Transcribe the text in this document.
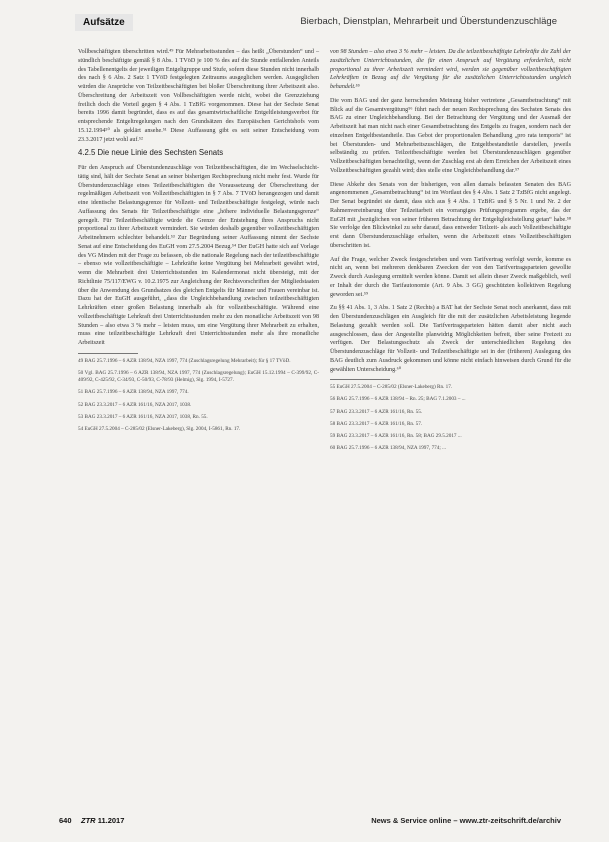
Aufsätze	Bierbach, Dienstplan, Mehrarbeit und Überstundenzuschläge

Vollbeschäftigten überschritten wird.⁴⁹ Für Mehrarbeitsstunden – das heißt „Überstunden“ und – stündlich beschäftigte gemäß § 8 Abs. 1 TVöD je 100 % des auf die Stunde entfallenden Anteils des Tabellenentgelts der jeweiligen Entgeltgruppe und Stufe, sofern diese Stunden nicht innerhalb des nach § 6 Abs. 2 Satz 1 TVöD festgelegten Zeitraums ausgeglichen werden. Ausgeglichen würden die Ansprüche von Teilzeitbeschäftigten bei bloßer Überschreitung ihrer Arbeitszeit also. Überschreitung der Arbeitszeit von Vollbeschäftigten werde nicht, wobei die Grenzziehung freilich doch die Vorteil gegen § 4 Abs. 1 TzBfG vorgenommen. Diese hat der Sechste Senat bereits 1996 damit begründet, dass es auf das gesamtwirtschaftliche Entgeltleistungsverbot für entsprechende Entgeltregelungen nach den Grundsätzen des Europäischen Gerichtshofs vom 15.12.1994⁵⁰ als geklärt ansehe.⁵¹ Diese Auffassung gibt es seit seiner Entscheidung vom 23.3.2017 jetzt wohl auf.⁵²

4.2.5 Die neue Linie des Sechsten Senats

Für den Anspruch auf Überstundenzuschläge von Teilzeitbeschäftigten, die im Wechselschicht- tätig sind, hält der Sechste Senat an seiner bisherigen Rechtsprechung nicht mehr fest. Wurde für Überstundenzuschläge eines Teilzeitbeschäftigten die Voraussetzung der Überschreitung der regelmäßigen Arbeitszeit von Vollzeitbeschäftigten in § 7 Abs. 7 TVöD herangezogen und damit eine identische Belastungsgrenze für Vollzeit- und Teilzeitbeschäftigte festgelegt, würde nach Auffassung des Senats für Teilzeitbeschäftigte eine „höhere individuelle Belastungsgrenze“ geregelt. Für Teilzeitbeschäftigte würde die Grenze der Entstehung ihres Anspruchs nicht proportional zu ihrer Arbeitszeit vermindert. Sie würden deshalb gegenüber vollzeitbeschäftigten Arbeitnehmern schlechter behandelt.⁵³ Zur Begründung seiner Auffassung nimmt der Sechste Senat auf eine Entscheidung des EuGH vom 27.5.2004 Bezug.⁵⁴ Der EuGH hatte sich auf Vorlage des VG Minden mit der Frage zu befassen, ob die nationale Regelung nach der teilzeitbeschäftigte – ebenso wie vollzeitbeschäftigte – Lehrkräfte keine Vergütung bei Mehrarbeit gewährt wird, wenn die Mehrarbeit drei Unterrichtsstunden im Kalendermonat nicht übersteigt, mit der Richtlinie 75/117/EWG v. 10.2.1975 zur Angleichung der Rechtsvorschriften der Mitgliedstaaten über die Anwendung des Grundsatzes des gleichen Entgelts für Männer und Frauen vereinbar ist. Dazu hat der EuGH ausgeführt, „dass die Ungleichbehandlung zwischen teilzeitbeschäftigten Lehrkräften einer großen Belastung innerhalb als für vollzeitbeschäftigte. Während eine vollzeitbeschäftigte Lehrkraft drei Unterrichtsstunden mehr zu den monatliche Arbeitszeit von 98 Stunden – also etwa 3 % mehr – leisten muss, um eine Vergütung ihrer Mehrarbeit zu erhalten, muss eine teilzeitbeschäftigte Lehrkraft drei Unterrichtsstunden mehr als ihre monatliche Arbeitszeit

49 BAG 25.7.1996 – 6 AZR 138/94, NZA 1997, 774 (Zuschlagsregelung Mehrarbeit); für § 17 TVöD.

50 Vgl. BAG 25.7.1996 – 6 AZR 138/94, NZA 1997, 774 (Zuschlagsregelung); EuGH 15.12.1994 – C-399/92, C-409/92, C-425/92, C-34/93, C-50/93, C-78/93 (Helmig), Slg. 1994, I-5727.

51 BAG 25.7.1996 – 6 AZR 138/94, NZA 1997, 774.

52 BAG 23.3.2017 – 6 AZR 161/16, NZA 2017, 1038.

53 BAG 23.3.2017 – 6 AZR 161/16, NZA 2017, 1038, Rn. 55.

54 EuGH 27.5.2004 – C-285/02 (Elsner-Lakeberg), Slg. 2004, I-5861, Rn. 17.

von 98 Stunden – also etwa 3 % mehr – leisten. Da die teilzeitbeschäftigte Lehrkräfte die Zahl der zusätzlichen Unterrichtsstunden, die für einen Anspruch auf Vergütung erforderlich, nicht proportional zu ihrer Arbeitszeit vermindert wird, werden sie gegenüber vollzeitbeschäftigten Lehrkräften in Bezug auf die Vergütung für die zusätzlichen Unterrichtsstunden ungleich behandelt.⁵⁵

Die vom BAG und der ganz herrschenden Meinung bisher vertretene „Gesamtbetrachtung“ mit Blick auf die Gesamtvergütung⁵⁶ führt nach der neuen Rechtsprechung des Sechsten Senats des BAG zu einer Ungleichbehandlung. Bei der Betrachtung der Vergütung und der Ausmaß der Arbeitszeit hat man nicht nach einer Gesamtbetrachtung des Entgelts zu fragen, sondern nach der einzelnen Entgeltbestandteile. Das Gebot der proportionalen Behandlung „pro rata temporis“ ist bei Überstunden- und Mehrarbeitszuschlägen, die Entgeltbestandteile darstellen, jeweils selbständig zu prüfen. Teilzeitbeschäftigte werden bei Überstundenzuschlägen gegenüber Vollzeitbeschäftigten benachteiligt, wenn der Zuschlag erst ab dem Erreichen der Arbeitszeit eines Vollzeitbeschäftigten gezahlt wird; dies stelle eine Ungleichbehandlung dar.⁵⁷

Diese Abkehr des Senats von der bisherigen, von allen damals befassten Senaten des BAG angenommenen „Gesamtbetrachtung“ ist im Wortlaut des § 4 Abs. 1 Satz 2 TzBfG nicht angelegt. Der Senat begründet sie damit, dass sich aus § 4 Abs. 1 TzBfG und § 5 Nr. 1 und Nr. 2 der Rahmenvereinbarung über Teilzeitarbeit ein vorrangiges Prüfungsprogramm ergebe, das der EuGH mit „bezüglichen von seiner früheren Betrachtung der Entgeltgleichstellung getan“ habe.⁵⁸ Sie verfolge den Blickwinkel zu sehr darauf, dass entweder Teilzeit- als auch Vollzeitbeschäftigte erst dann Überstundenzuschläge erhalten, wenn die Arbeitszeit eines Vollzeitbeschäftigten überschritten ist.

Auf die Frage, welcher Zweck festgeschrieben und vom Tarifvertrag verfolgt werde, komme es nicht an, wenn bei mehreren denkbaren Zwecken der von den Tarifvertragsparteien gewollte Zweck durch Auslegung ermittelt werden könne. Damit sei allein dieser Zweck maßgeblich, weil er Inhalt der durch die Tarifautonomie (Art. 9 Abs. 3 GG) geschützten kollektiven Regelung geworden sei.⁵⁹

Zu §§ 41 Abs. 1, 3 Abs. 1 Satz 2 (Rechts) a BAT hat der Sechste Senat noch anerkannt, dass mit den Überstundenzuschlägen ein Ausgleich für die mit der zusätzlichen Arbeitsleistung liegende Belastung gezahlt werden soll. Die Tarifvertragsparteien hätten damit aber nicht auch ausgeschlossen, dass der Angestellte planwidrig Möglichkeiten befreit, über seine Freizeit zu verfügen. Der Belastungsschutz als Zweck der unterschiedlichen Regelung des Überstundenzuschläge für Vollzeit- und Teilzeitbeschäftigte sei in der (früheren) Auslegung des BAG deutlich zum Ausdruck gekommen und könne nicht einfach hinweisen durch Grund für die gewählten Unterscheidung.⁶⁰

55 EuGH 27.5.2004 – C-285/02 (Elsner-Lakeberg) Rn. 17.

56 BAG 25.7.1996 – 6 AZR 138/94 – Rn. 25; BAG 7.1.2003 – ...

57 BAG 23.3.2017 – 6 AZR 161/16, Rn. 55.

58 BAG 23.3.2017 – 6 AZR 161/16, Rn. 57.

59 BAG 23.3.2017 – 6 AZR 161/16, Rn. 58; BAG 29.5.2017 ...

60 BAG 25.7.1996 – 6 AZR 138/94, NZA 1997, 774; ...

640 ZTR 11.2017	News & Service online – www.ztr-zeitschrift.de/archiv
